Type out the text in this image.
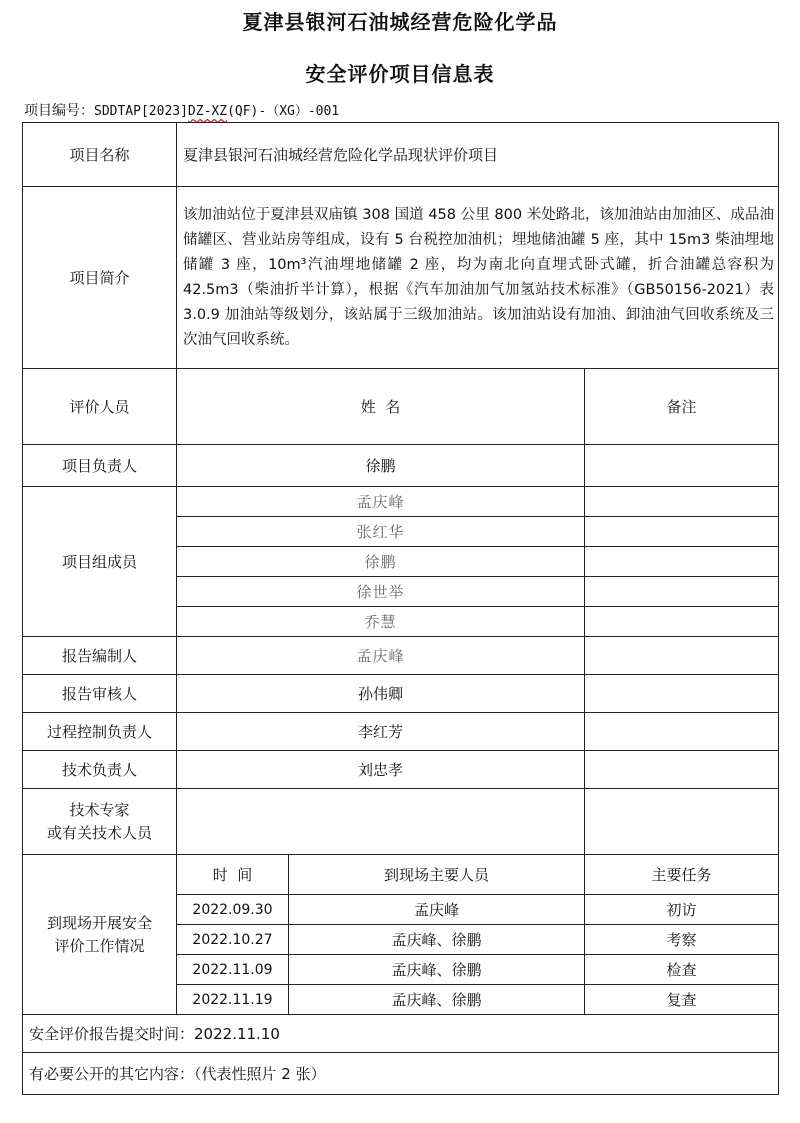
夏津县银河石油城经营危险化学品
安全评价项目信息表
项目编号：SDDTAP[2023]DZ-XZ(QF)-（XG）-001
项目名称	夏津县银河石油城经营危险化学品现状评价项目		
项目简介	该加油站位于夏津县双庙镇 308 国道 458 公里 800 米处路北，该加油站由加油区、成品油储罐区、营业站房等组成，设有 5 台税控加油机；埋地储油罐 5 座，其中 15m3 柴油埋地储罐 3 座，10m³汽油埋地储罐 2 座，均为南北向直埋式卧式罐，折合油罐总容积为 42.5m3（柴油折半计算），根据《汽车加油加气加氢站技术标准》（GB50156-2021）表 3.0.9 加油站等级划分，该站属于三级加油站。该加油站设有加油、卸油油气回收系统及三次油气回收系统。		
评价人员	姓  名		备注
项目负责人	徐鹏		
项目组成员	孟庆峰		
	张红华		
	徐鹏		
	徐世举		
	乔慧		
报告编制人	孟庆峰		
报告审核人	孙伟卿		
过程控制负责人	李红芳		
技术负责人	刘忠孝		
技术专家
或有关技术人员			
到现场开展安全
评价工作情况	时  间	到现场主要人员	主要任务
	2022.09.30	孟庆峰	初访
	2022.10.27	孟庆峰、徐鹏	考察
	2022.11.09	孟庆峰、徐鹏	检查
	2022.11.19	孟庆峰、徐鹏	复查
安全评价报告提交时间：2022.11.10			
有必要公开的其它内容：（代表性照片 2 张）			
